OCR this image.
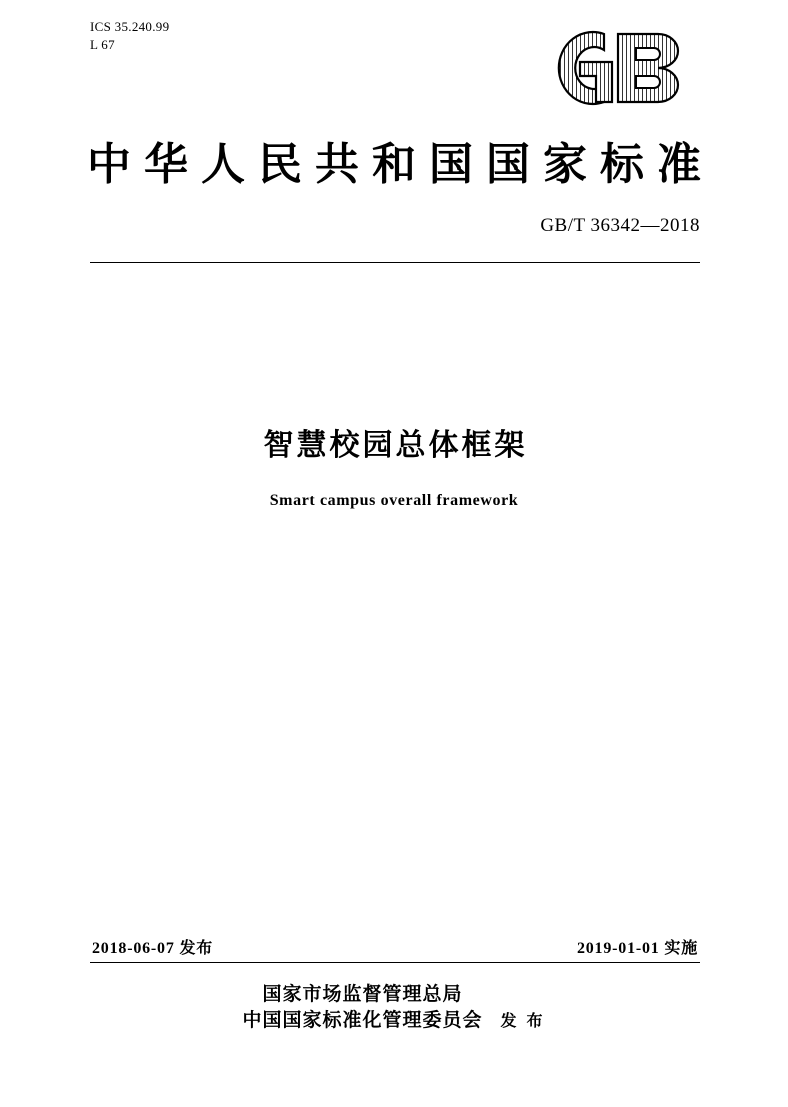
ICS 35.240.99
L 67
中华人民共和国国家标准
GB/T 36342—2018
智慧校园总体框架
Smart campus overall framework
2018-06-07 发布	2019-01-01 实施
国家市场监督管理总局
中国国家标准化管理委员会 发 布
